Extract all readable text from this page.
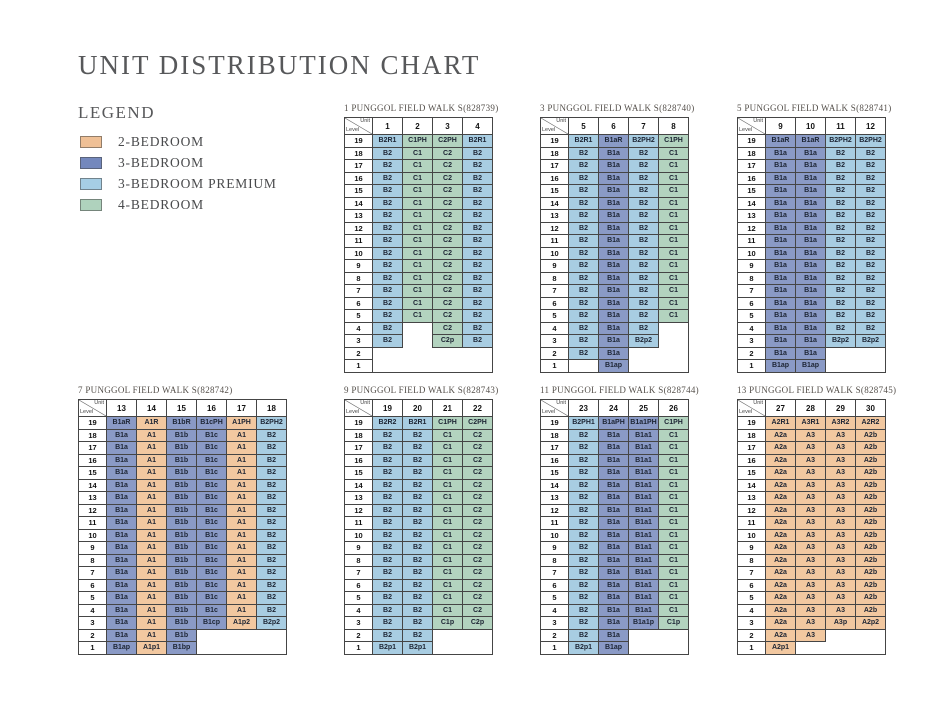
UNIT DISTRIBUTION CHART
LEGEND
2-BEDROOM
3-BEDROOM
3-BEDROOM PREMIUM
4-BEDROOM
1 PUNGGOL FIELD WALK S(828739)
Unit
Level	1	2	3	4
19	B2R1	C1PH	C2PH	B2R1
18	B2	C1	C2	B2
17	B2	C1	C2	B2
16	B2	C1	C2	B2
15	B2	C1	C2	B2
14	B2	C1	C2	B2
13	B2	C1	C2	B2
12	B2	C1	C2	B2
11	B2	C1	C2	B2
10	B2	C1	C2	B2
9	B2	C1	C2	B2
8	B2	C1	C2	B2
7	B2	C1	C2	B2
6	B2	C1	C2	B2
5	B2	C1	C2	B2
4	B2		C2	B2
3	B2		C2p	B2
2				
1				
3 PUNGGOL FIELD WALK S(828740)
Unit
Level	5	6	7	8
19	B2R1	B1aR	B2PH2	C1PH
18	B2	B1a	B2	C1
17	B2	B1a	B2	C1
16	B2	B1a	B2	C1
15	B2	B1a	B2	C1
14	B2	B1a	B2	C1
13	B2	B1a	B2	C1
12	B2	B1a	B2	C1
11	B2	B1a	B2	C1
10	B2	B1a	B2	C1
9	B2	B1a	B2	C1
8	B2	B1a	B2	C1
7	B2	B1a	B2	C1
6	B2	B1a	B2	C1
5	B2	B1a	B2	C1
4	B2	B1a	B2	
3	B2	B1a	B2p2	
2	B2	B1a		
1		B1ap		
5 PUNGGOL FIELD WALK S(828741)
Unit
Level	9	10	11	12
19	B1aR	B1aR	B2PH2	B2PH2
18	B1a	B1a	B2	B2
17	B1a	B1a	B2	B2
16	B1a	B1a	B2	B2
15	B1a	B1a	B2	B2
14	B1a	B1a	B2	B2
13	B1a	B1a	B2	B2
12	B1a	B1a	B2	B2
11	B1a	B1a	B2	B2
10	B1a	B1a	B2	B2
9	B1a	B1a	B2	B2
8	B1a	B1a	B2	B2
7	B1a	B1a	B2	B2
6	B1a	B1a	B2	B2
5	B1a	B1a	B2	B2
4	B1a	B1a	B2	B2
3	B1a	B1a	B2p2	B2p2
2	B1a	B1a		
1	B1ap	B1ap		
7 PUNGGOL FIELD WALK S(828742)
Unit
Level	13	14	15	16	17	18
19	B1aR	A1R	B1bR	B1cPH	A1PH	B2PH2
18	B1a	A1	B1b	B1c	A1	B2
17	B1a	A1	B1b	B1c	A1	B2
16	B1a	A1	B1b	B1c	A1	B2
15	B1a	A1	B1b	B1c	A1	B2
14	B1a	A1	B1b	B1c	A1	B2
13	B1a	A1	B1b	B1c	A1	B2
12	B1a	A1	B1b	B1c	A1	B2
11	B1a	A1	B1b	B1c	A1	B2
10	B1a	A1	B1b	B1c	A1	B2
9	B1a	A1	B1b	B1c	A1	B2
8	B1a	A1	B1b	B1c	A1	B2
7	B1a	A1	B1b	B1c	A1	B2
6	B1a	A1	B1b	B1c	A1	B2
5	B1a	A1	B1b	B1c	A1	B2
4	B1a	A1	B1b	B1c	A1	B2
3	B1a	A1	B1b	B1cp	A1p2	B2p2
2	B1a	A1	B1b			
1	B1ap	A1p1	B1bp			
9 PUNGGOL FIELD WALK S(828743)
Unit
Level	19	20	21	22
19	B2R2	B2R1	C1PH	C2PH
18	B2	B2	C1	C2
17	B2	B2	C1	C2
16	B2	B2	C1	C2
15	B2	B2	C1	C2
14	B2	B2	C1	C2
13	B2	B2	C1	C2
12	B2	B2	C1	C2
11	B2	B2	C1	C2
10	B2	B2	C1	C2
9	B2	B2	C1	C2
8	B2	B2	C1	C2
7	B2	B2	C1	C2
6	B2	B2	C1	C2
5	B2	B2	C1	C2
4	B2	B2	C1	C2
3	B2	B2	C1p	C2p
2	B2	B2		
1	B2p1	B2p1		
11 PUNGGOL FIELD WALK S(828744)
Unit
Level	23	24	25	26
19	B2PH1	B1aPH	B1a1PH	C1PH
18	B2	B1a	B1a1	C1
17	B2	B1a	B1a1	C1
16	B2	B1a	B1a1	C1
15	B2	B1a	B1a1	C1
14	B2	B1a	B1a1	C1
13	B2	B1a	B1a1	C1
12	B2	B1a	B1a1	C1
11	B2	B1a	B1a1	C1
10	B2	B1a	B1a1	C1
9	B2	B1a	B1a1	C1
8	B2	B1a	B1a1	C1
7	B2	B1a	B1a1	C1
6	B2	B1a	B1a1	C1
5	B2	B1a	B1a1	C1
4	B2	B1a	B1a1	C1
3	B2	B1a	B1a1p	C1p
2	B2	B1a		
1	B2p1	B1ap		
13 PUNGGOL FIELD WALK S(828745)
Unit
Level	27	28	29	30
19	A2R1	A3R1	A3R2	A2R2
18	A2a	A3	A3	A2b
17	A2a	A3	A3	A2b
16	A2a	A3	A3	A2b
15	A2a	A3	A3	A2b
14	A2a	A3	A3	A2b
13	A2a	A3	A3	A2b
12	A2a	A3	A3	A2b
11	A2a	A3	A3	A2b
10	A2a	A3	A3	A2b
9	A2a	A3	A3	A2b
8	A2a	A3	A3	A2b
7	A2a	A3	A3	A2b
6	A2a	A3	A3	A2b
5	A2a	A3	A3	A2b
4	A2a	A3	A3	A2b
3	A2a	A3	A3p	A2p2
2	A2a	A3		
1	A2p1			
